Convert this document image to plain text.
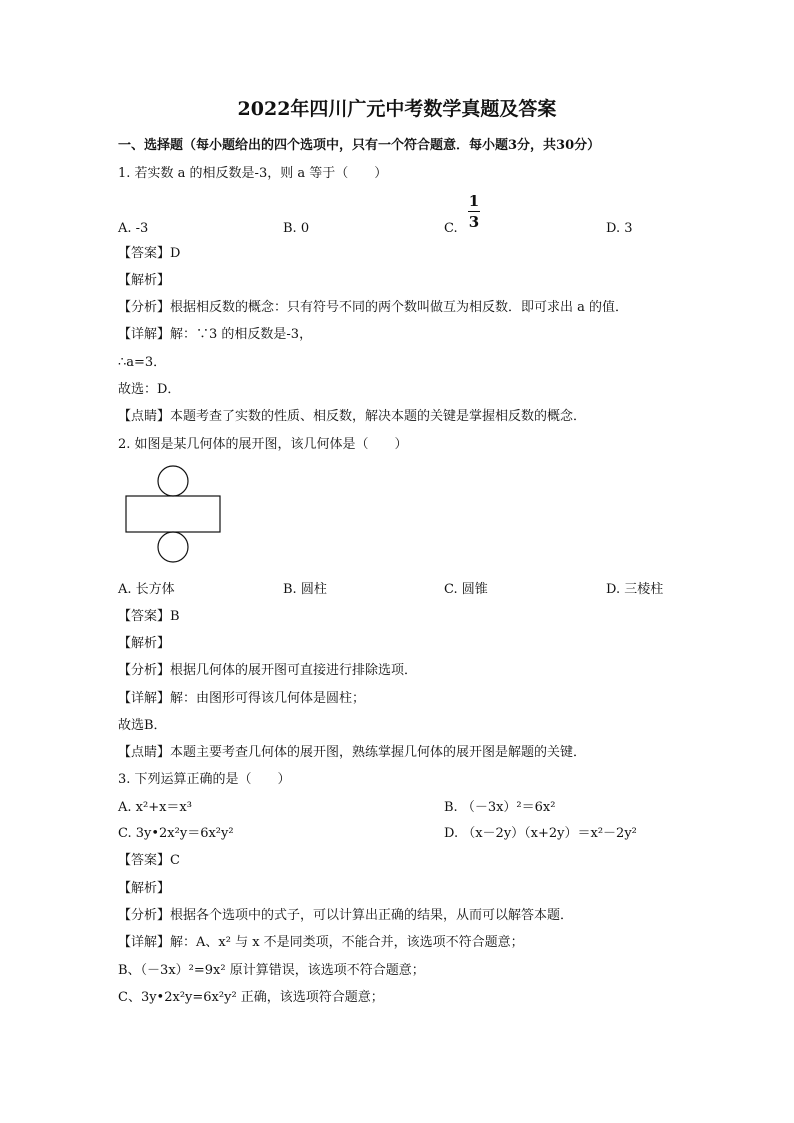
2022年四川广元中考数学真题及答案
一、选择题（每小题给出的四个选项中，只有一个符合题意．每小题3分，共30分）
1. 若实数 a 的相反数是-3，则 a 等于（　　）
1
3
A. -3	B. 0	C.	D. 3
【答案】D
【解析】
【分析】根据相反数的概念：只有符号不同的两个数叫做互为相反数．即可求出 a 的值．
【详解】解：∵3 的相反数是-3，
∴a=3．
故选：D．
【点睛】本题考查了实数的性质、相反数，解决本题的关键是掌握相反数的概念．
2. 如图是某几何体的展开图，该几何体是（　　）
A. 长方体	B. 圆柱	C. 圆锥	D. 三棱柱
【答案】B
【解析】
【分析】根据几何体的展开图可直接进行排除选项．
【详解】解：由图形可得该几何体是圆柱；
故选B．
【点睛】本题主要考查几何体的展开图，熟练掌握几何体的展开图是解题的关键．
3. 下列运算正确的是（　　）
A. x²+x＝x³	B. （－3x）²＝6x²
C. 3y•2x²y＝6x²y²	D. （x－2y）（x+2y）＝x²－2y²
【答案】C
【解析】
【分析】根据各个选项中的式子，可以计算出正确的结果，从而可以解答本题．
【详解】解：A、x² 与 x 不是同类项，不能合并，该选项不符合题意；
B、（－3x）²=9x² 原计算错误，该选项不符合题意；
C、3y•2x²y=6x²y² 正确，该选项符合题意；
